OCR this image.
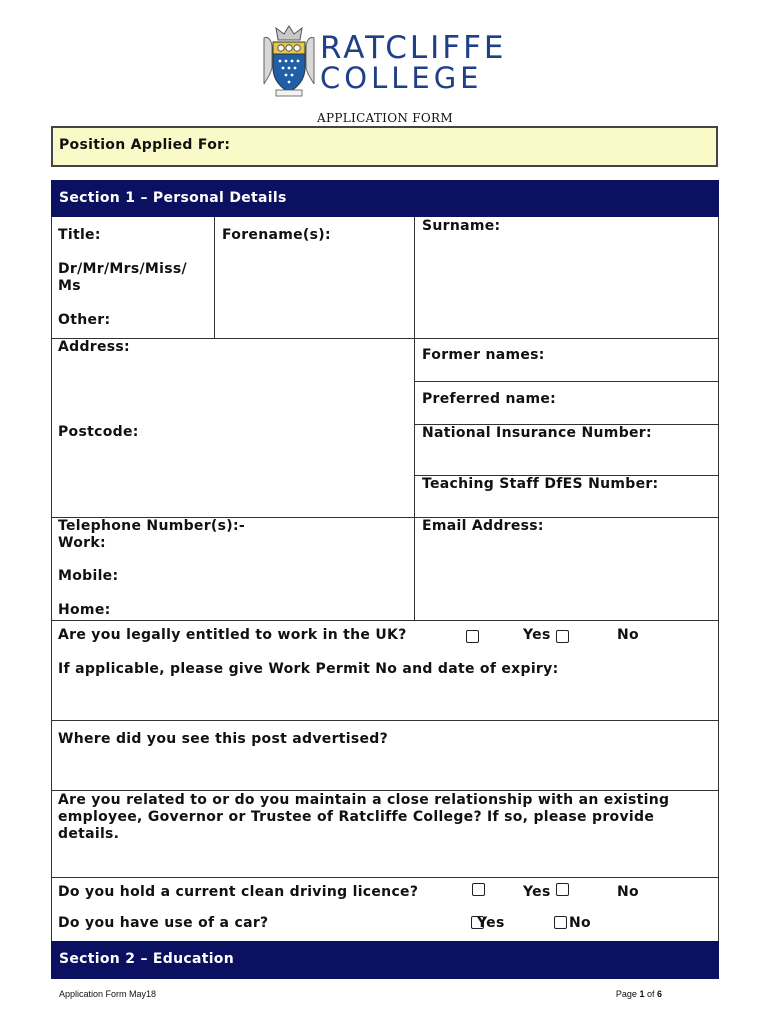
RATCLIFFE
COLLEGE
APPLICATION FORM
Position Applied For:
Section 1 – Personal Details
Title:
Dr/Mr/Mrs/Miss/
Ms
Other:
Forename(s):
Surname:
Address:
Postcode:
Former names:
Preferred name:
National Insurance Number:
Teaching Staff DfES Number:
Telephone Number(s):-
Work:
Mobile:
Home:
Email Address:
Are you legally entitled to work in the UK?	Yes	No
If applicable, please give Work Permit No and date of expiry:
Where did you see this post advertised?
Are you related to or do you maintain a close relationship with an existing
employee, Governor or Trustee of Ratcliffe College? If so, please provide
details.
Do you hold a current clean driving licence?	Yes	No
Do you have use of a car?	Yes	No
Section 2 – Education
Application Form May18	Page 1 of 6
